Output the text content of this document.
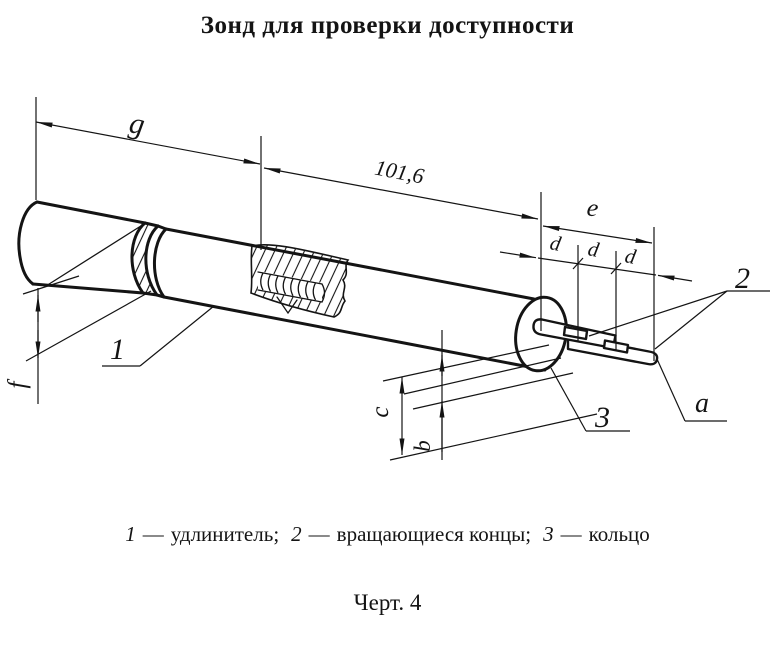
Зонд для проверки доступности
g
101,6
e
d d d
f
c
b
a
1
2
3
1 — удлинитель; 2 — вращающиеся концы; 3 — кольцо
Черт. 4
